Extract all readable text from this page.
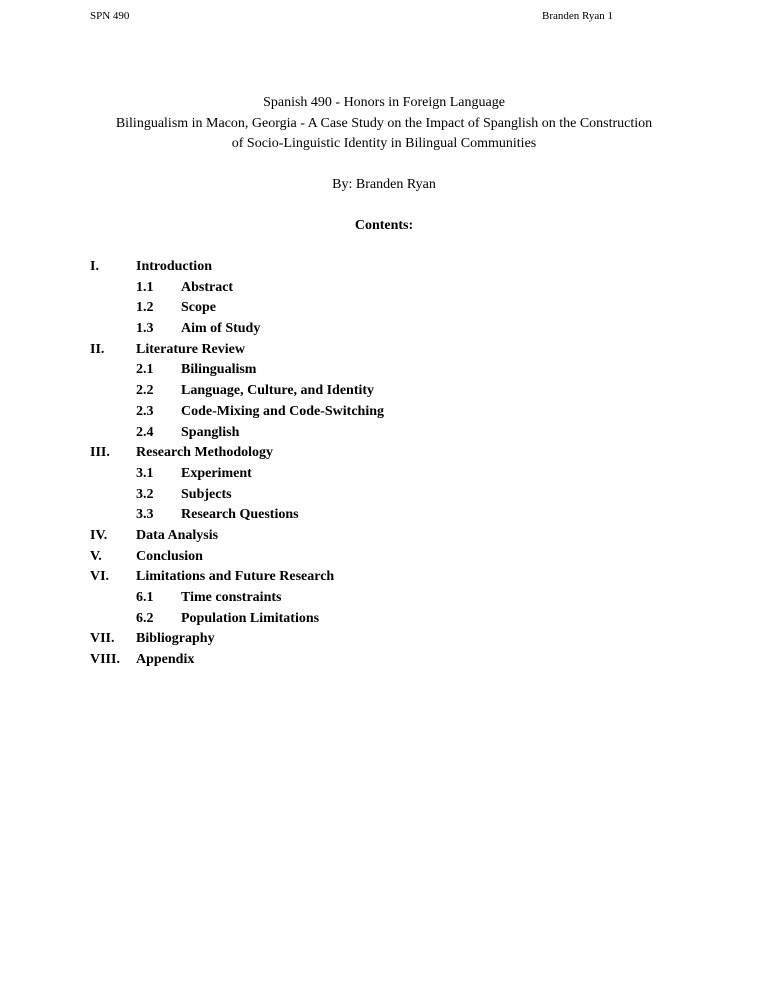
SPN 490	Branden Ryan 1
Spanish 490 - Honors in Foreign Language
Bilingualism in Macon, Georgia - A Case Study on the Impact of Spanglish on the Construction
of Socio-Linguistic Identity in Bilingual Communities
By: Branden Ryan
Contents:
I.	Introduction
1.1 Abstract
1.2 Scope
1.3 Aim of Study
II. Literature Review
2.1 Bilingualism
2.2 Language, Culture, and Identity
2.3 Code-Mixing and Code-Switching
2.4 Spanglish
III. Research Methodology
3.1 Experiment
3.2 Subjects
3.3 Research Questions
IV. Data Analysis
V. Conclusion
VI. Limitations and Future Research
6.1 Time constraints
6.2 Population Limitations
VII. Bibliography
VIII. Appendix
